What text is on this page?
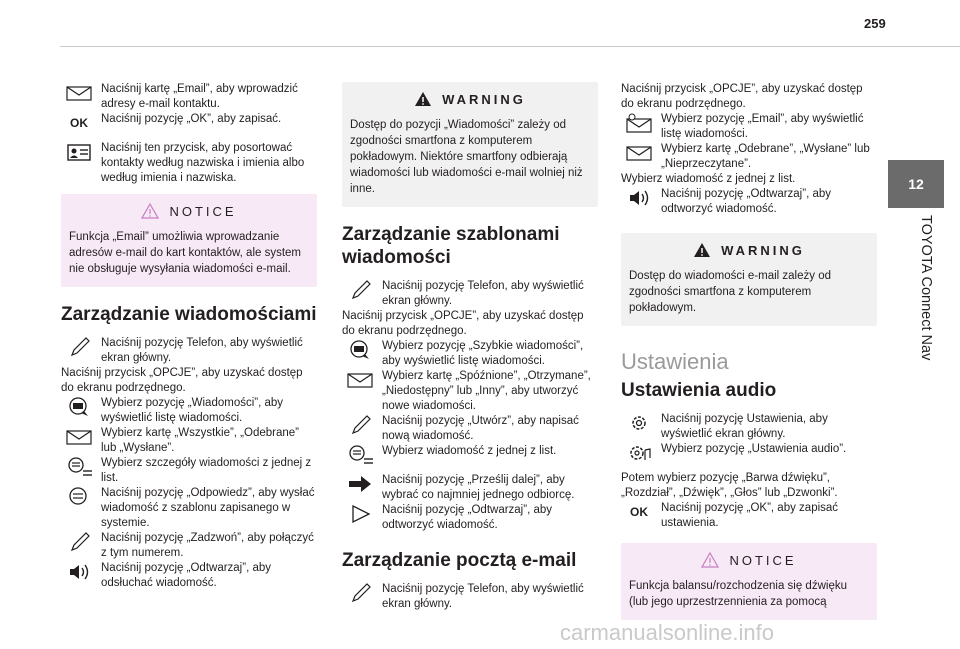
259
12
TOYOTA Connect Nav

Naciśnij kartę „Email”, aby wprowadzić adresy e-mail kontaktu.

OK	Naciśnij pozycję „OK”, aby zapisać.

Naciśnij ten przycisk, aby posortować kontakty według nazwiska i imienia albo według imienia i nazwiska.

NOTICE
Funkcja „Email” umożliwia wprowadzanie adresów e-mail do kart kontaktów, ale system nie obsługuje wysyłania wiadomości e-mail.
Zarządzanie wiadomościami

Naciśnij pozycję Telefon, aby wyświetlić ekran główny.

Naciśnij przycisk „OPCJE”, aby uzyskać dostęp do ekranu podrzędnego.

Wybierz pozycję „Wiadomości”, aby wyświetlić listę wiadomości.

Wybierz kartę „Wszystkie”, „Odebrane” lub „Wysłane”.

Wybierz szczegóły wiadomości z jednej z list.

Naciśnij pozycję „Odpowiedz”, aby wysłać wiadomość z szablonu zapisanego w systemie.

Naciśnij pozycję „Zadzwoń”, aby połączyć z tym numerem.

Naciśnij pozycję „Odtwarzaj”, aby odsłuchać wiadomość.

WARNING
Dostęp do pozycji „Wiadomości” zależy od zgodności smartfona z komputerem pokładowym. Niektóre smartfony odbierają wiadomości lub wiadomości e-mail wolniej niż inne.
Zarządzanie szablonami wiadomości

Naciśnij pozycję Telefon, aby wyświetlić ekran główny.

Naciśnij przycisk „OPCJE”, aby uzyskać dostęp do ekranu podrzędnego.

Wybierz pozycję „Szybkie wiadomości”, aby wyświetlić listę wiadomości.

Wybierz kartę „Spóźnione”, „Otrzymane”, „Niedostępny” lub „Inny”, aby utworzyć nowe wiadomości.

Naciśnij pozycję „Utwórz”, aby napisać nową wiadomość.

Wybierz wiadomość z jednej z list.

Naciśnij pozycję „Prześlij dalej”, aby wybrać co najmniej jednego odbiorcę.

Naciśnij pozycję „Odtwarzaj”, aby odtworzyć wiadomość.

Zarządzanie pocztą e-mail

Naciśnij pozycję Telefon, aby wyświetlić ekran główny.

Naciśnij przycisk „OPCJE”, aby uzyskać dostęp do ekranu podrzędnego.

Wybierz pozycję „Email”, aby wyświetlić listę wiadomości.

Wybierz kartę „Odebrane”, „Wysłane” lub „Nieprzeczytane”.

Wybierz wiadomość z jednej z list.

Naciśnij pozycję „Odtwarzaj”, aby odtworzyć wiadomość.

WARNING
Dostęp do wiadomości e-mail zależy od zgodności smartfona z komputerem pokładowym.
Ustawienia
Ustawienia audio

Naciśnij pozycję Ustawienia, aby wyświetlić ekran główny.

Wybierz pozycję „Ustawienia audio”.

Potem wybierz pozycję „Barwa dźwięku”, „Rozdział”, „Dźwięk”, „Głos” lub „Dzwonki”.

OK	Naciśnij pozycję „OK”, aby zapisać ustawienia.

NOTICE
Funkcja balansu/rozchodzenia się dźwięku (lub jego uprzestrzennienia za pomocą
carmanualsonline.info
